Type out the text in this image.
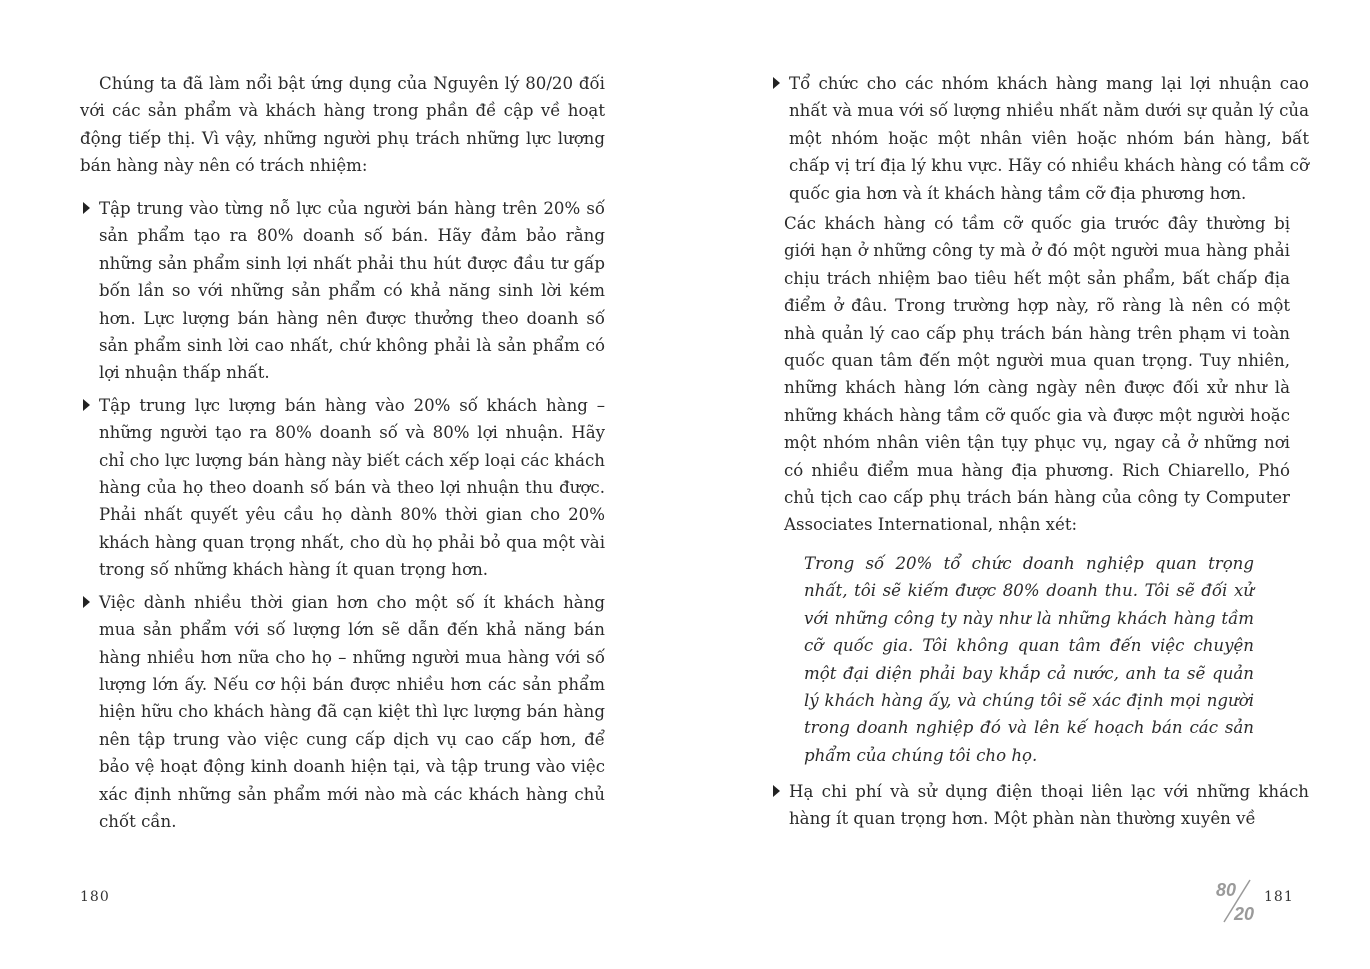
Chúng ta đã làm nổi bật ứng dụng của Nguyên lý 80/20 đối với các sản phẩm và khách hàng trong phần đề cập về hoạt động tiếp thị. Vì vậy, những người phụ trách những lực lượng bán hàng này nên có trách nhiệm:

Tập trung vào từng nỗ lực của người bán hàng trên 20% số sản phẩm tạo ra 80% doanh số bán. Hãy đảm bảo rằng những sản phẩm sinh lợi nhất phải thu hút được đầu tư gấp bốn lần so với những sản phẩm có khả năng sinh lời kém hơn. Lực lượng bán hàng nên được thưởng theo doanh số sản phẩm sinh lời cao nhất, chứ không phải là sản phẩm có lợi nhuận thấp nhất.
Tập trung lực lượng bán hàng vào 20% số khách hàng – những người tạo ra 80% doanh số và 80% lợi nhuận. Hãy chỉ cho lực lượng bán hàng này biết cách xếp loại các khách hàng của họ theo doanh số bán và theo lợi nhuận thu được. Phải nhất quyết yêu cầu họ dành 80% thời gian cho 20% khách hàng quan trọng nhất, cho dù họ phải bỏ qua một vài trong số những khách hàng ít quan trọng hơn.
Việc dành nhiều thời gian hơn cho một số ít khách hàng mua sản phẩm với số lượng lớn sẽ dẫn đến khả năng bán hàng nhiều hơn nữa cho họ – những người mua hàng với số lượng lớn ấy. Nếu cơ hội bán được nhiều hơn các sản phẩm hiện hữu cho khách hàng đã cạn kiệt thì lực lượng bán hàng nên tập trung vào việc cung cấp dịch vụ cao cấp hơn, để bảo vệ hoạt động kinh doanh hiện tại, và tập trung vào việc xác định những sản phẩm mới nào mà các khách hàng chủ chốt cần.
180
Tổ chức cho các nhóm khách hàng mang lại lợi nhuận cao nhất và mua với số lượng nhiều nhất nằm dưới sự quản lý của một nhóm hoặc một nhân viên hoặc nhóm bán hàng, bất chấp vị trí địa lý khu vực. Hãy có nhiều khách hàng có tầm cỡ quốc gia hơn và ít khách hàng tầm cỡ địa phương hơn.

Các khách hàng có tầm cỡ quốc gia trước đây thường bị giới hạn ở những công ty mà ở đó một người mua hàng phải chịu trách nhiệm bao tiêu hết một sản phẩm, bất chấp địa điểm ở đâu. Trong trường hợp này, rõ ràng là nên có một nhà quản lý cao cấp phụ trách bán hàng trên phạm vi toàn quốc quan tâm đến một người mua quan trọng. Tuy nhiên, những khách hàng lớn càng ngày nên được đối xử như là những khách hàng tầm cỡ quốc gia và được một người hoặc một nhóm nhân viên tận tụy phục vụ, ngay cả ở những nơi có nhiều điểm mua hàng địa phương. Rich Chiarello, Phó chủ tịch cao cấp phụ trách bán hàng của công ty Computer Associates International, nhận xét:

Trong số 20% tổ chức doanh nghiệp quan trọng nhất, tôi sẽ kiếm được 80% doanh thu. Tôi sẽ đối xử với những công ty này như là những khách hàng tầm cỡ quốc gia. Tôi không quan tâm đến việc chuyện một đại diện phải bay khắp cả nước, anh ta sẽ quản lý khách hàng ấy, và chúng tôi sẽ xác định mọi người trong doanh nghiệp đó và lên kế hoạch bán các sản phẩm của chúng tôi cho họ.

Hạ chi phí và sử dụng điện thoại liên lạc với những khách hàng ít quan trọng hơn. Một phàn nàn thường xuyên về
80
20
181
